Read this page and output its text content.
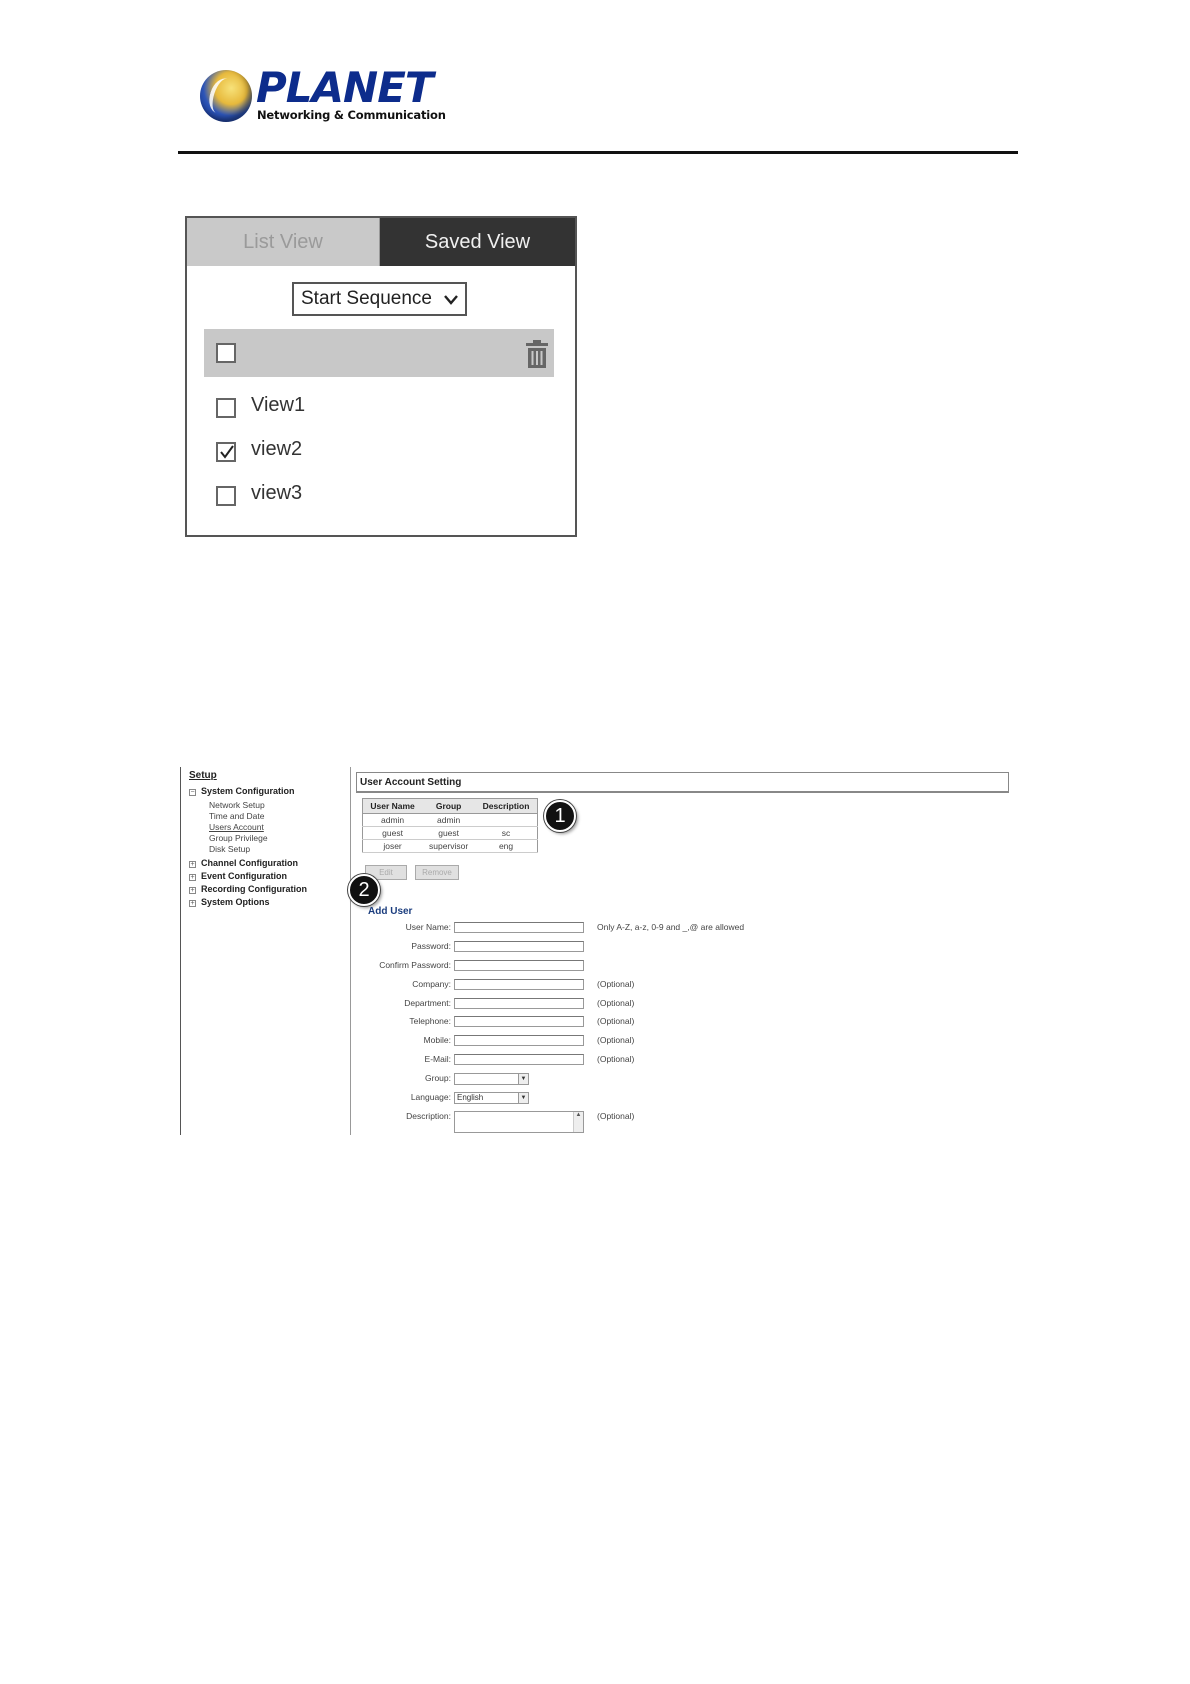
PLANET
Networking & Communication
List View	Saved View
Start Sequence
View1
view2
view3
Setup
− System Configuration
Network Setup
Time and Date
Users Account
Group Privilege
Disk Setup
+ Channel Configuration
+ Event Configuration
+ Recording Configuration
+ System Options
User Account Setting
User Name	Group	Description
admin	admin	
guest	guest	sc
joser	supervisor	eng
1
Edit	Remove
2
Add User
User Name:	Only A-Z, a-z, 0-9 and _,@ are allowed
Password:
Confirm Password:
Company:	(Optional)
Department:	(Optional)
Telephone:	(Optional)
Mobile:	(Optional)
E-Mail:	(Optional)
Group:	▼
Language: English	▼
Description:	▲ (Optional)
